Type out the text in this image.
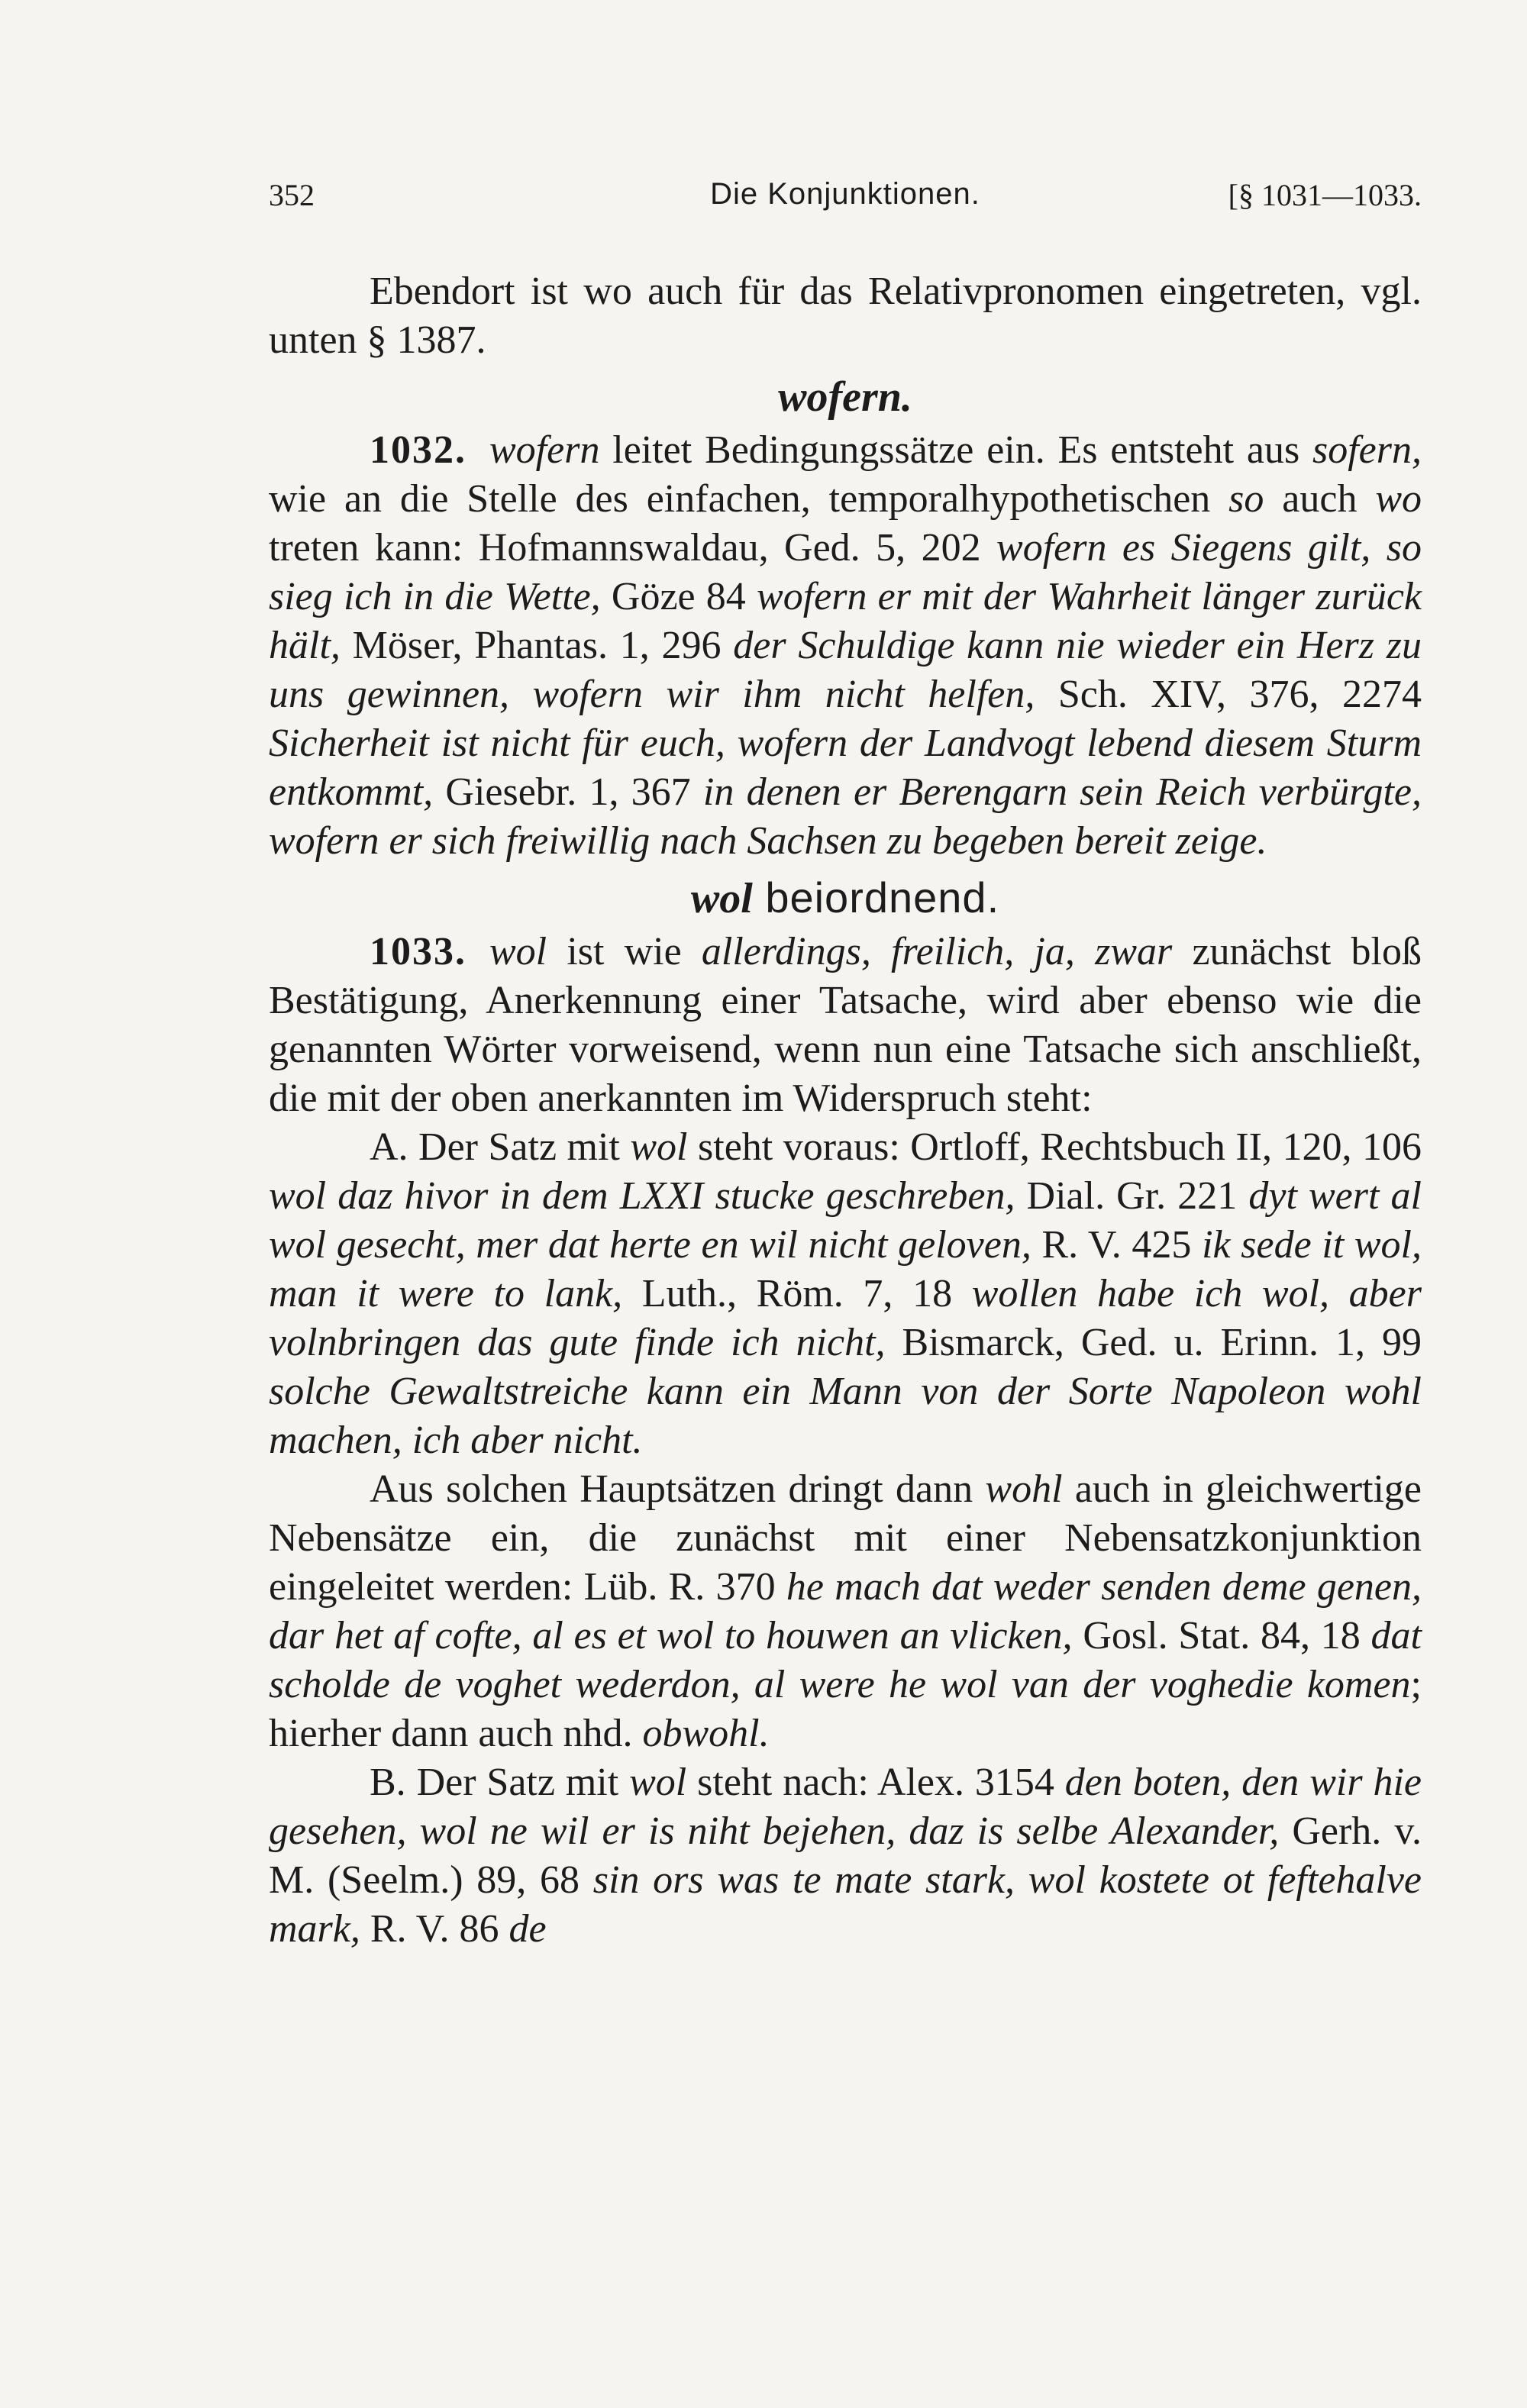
352	Die Konjunktionen.	[§ 1031—1033.

Ebendort ist wo auch für das Relativpronomen eingetreten, vgl. unten § 1387.

wofern.

1032. wofern leitet Bedingungssätze ein. Es entsteht aus sofern, wie an die Stelle des einfachen, temporalhypothetischen so auch wo treten kann: Hofmannswaldau, Ged. 5, 202 wofern es Siegens gilt, so sieg ich in die Wette, Göze 84 wofern er mit der Wahrheit länger zurück hält, Möser, Phantas. 1, 296 der Schuldige kann nie wieder ein Herz zu uns gewinnen, wofern wir ihm nicht helfen, Sch. XIV, 376, 2274 Sicherheit ist nicht für euch, wofern der Landvogt lebend diesem Sturm entkommt, Giesebr. 1, 367 in denen er Berengarn sein Reich verbürgte, wofern er sich freiwillig nach Sachsen zu begeben bereit zeige.

wol beiordnend.

1033. wol ist wie allerdings, freilich, ja, zwar zunächst bloß Bestätigung, Anerkennung einer Tatsache, wird aber ebenso wie die genannten Wörter vorweisend, wenn nun eine Tatsache sich anschließt, die mit der oben anerkannten im Widerspruch steht:

A. Der Satz mit wol steht voraus: Ortloff, Rechtsbuch II, 120, 106 wol daz hivor in dem LXXI stucke geschreben, Dial. Gr. 221 dyt wert al wol gesecht, mer dat herte en wil nicht geloven, R. V. 425 ik sede it wol, man it were to lank, Luth., Röm. 7, 18 wollen habe ich wol, aber volnbringen das gute finde ich nicht, Bismarck, Ged. u. Erinn. 1, 99 solche Gewaltstreiche kann ein Mann von der Sorte Napoleon wohl machen, ich aber nicht.

Aus solchen Hauptsätzen dringt dann wohl auch in gleichwertige Nebensätze ein, die zunächst mit einer Nebensatzkonjunktion eingeleitet werden: Lüb. R. 370 he mach dat weder senden deme genen, dar het af cofte, al es et wol to houwen an vlicken, Gosl. Stat. 84, 18 dat scholde de voghet wederdon, al were he wol van der voghedie komen; hierher dann auch nhd. obwohl.

B. Der Satz mit wol steht nach: Alex. 3154 den boten, den wir hie gesehen, wol ne wil er is niht bejehen, daz is selbe Alexander, Gerh. v. M. (Seelm.) 89, 68 sin ors was te mate stark, wol kostete ot feftehalve mark, R. V. 86 de
